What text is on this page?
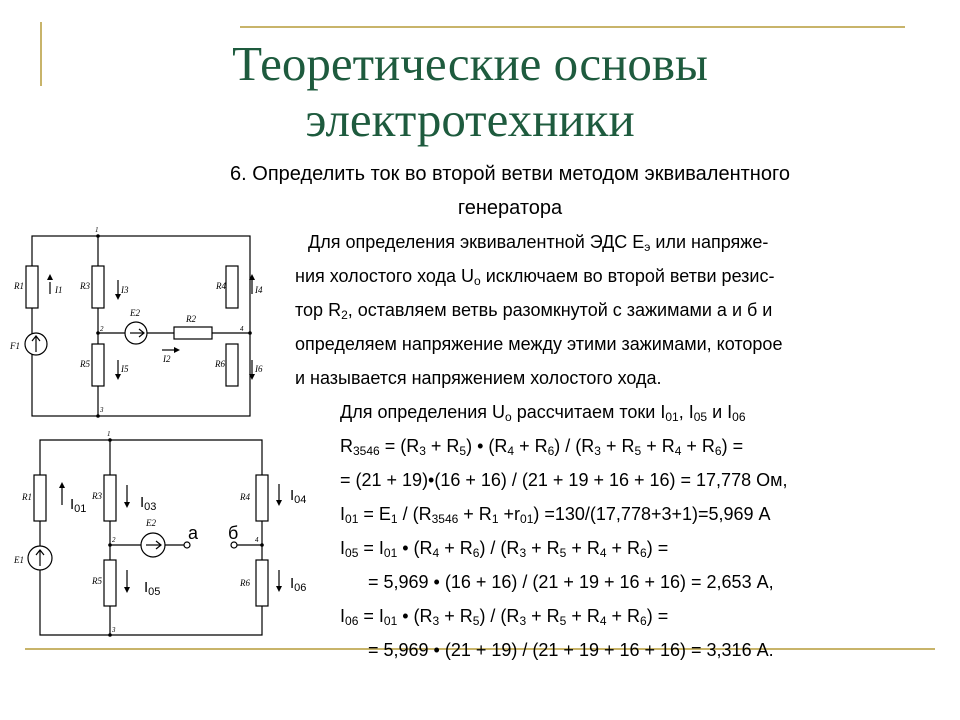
Теоретические основы
электротехники

6. Определить ток во второй ветви методом эквивалентного
генератора

Для определения эквивалентной ЭДС $Е_э$ или напряже-
ния холостого хода $U_о$ исключаем во второй ветви резис-
тор $R_2$, оставляем ветвь разомкнутой с зажимами а и б и
определяем напряжение между этими зажимами, которое
и называется напряжением холостого хода.
Для определения $U_о$ рассчитаем токи $I_{01}$, $I_{05}$ и $I_{06}$
$R_{3546} = (R_3 + R_5)$ • $(R_4 + R_6) / (R_3 + R_5 + R_4 + R_6)$ =
= (21 + 19)•(16 + 16) / (21 + 19 + 16 + 16) = 17,778 Ом,
$I_{01} = E_1 / (R_{3546} + R_1 +r_{01}) =130/(17,778+3+1)=5,969$ А
$I_{05} = I_{01}$ • $(R_4 + R_6) / (R_3 + R_5 + R_4 + R_6)$ =
= 5,969 • (16 + 16) / (21 + 19 + 16 + 16) = 2,653 А,
$I_{06} = I_{01}$ • $(R_3 + R_5) / (R_3 + R_5 + R_4 + R_6)$ =
= 5,969 • (21 + 19) / (21 + 19 + 16 + 16) = 3,316 А.
R1	I1 R3	I3
E2
R2
R4	I4
F1
R5	I5
I2	R6	I6
1
2
3
4
R1	R3	R4
E2
E1
R5	R6
1
2
3
4
$I_{01}$	$I_{03}$
$I_{04}$
$I_{05}$	$I_{06}$
а б
